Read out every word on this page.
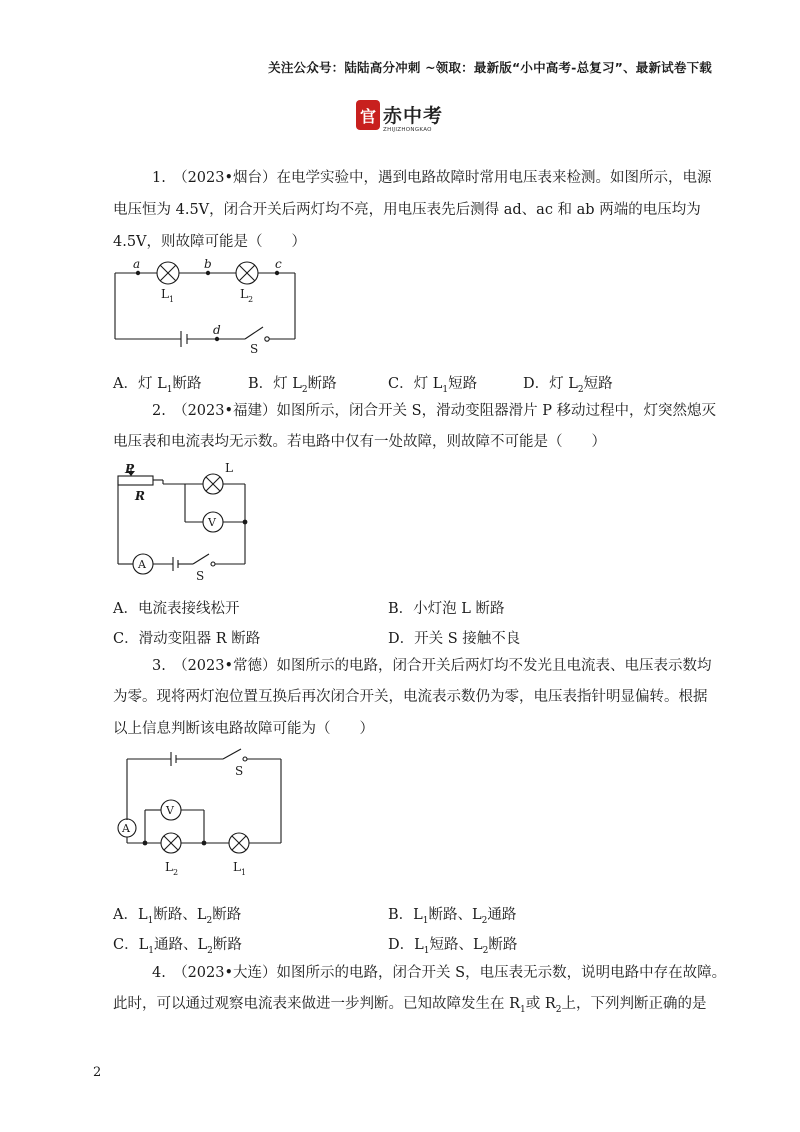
关注公众号：陆陆高分冲刺 ~领取：最新版“小中高考-总复习”、最新试卷下载
官 赤中考
ZHIJIZHONGKAO
1.　（2023•烟台）在电学实验中，遇到电路故障时常用电压表来检测。如图所示，电源
电压恒为 4.5V，闭合开关后两灯均不亮，用电压表先后测得 ad、ac 和 ab 两端的电压均为
4.5V，则故障可能是（　　）
a	b	c
d
S
L 1	L 2
A．灯 $L_1$断路	B．灯 $L_2$断路	C．灯 $L_1$短路	D．灯 $L_2$短路
2.　（2023•福建）如图所示，闭合开关 S，滑动变阻器滑片 P 移动过程中，灯突然熄灭
电压表和电流表均无示数。若电路中仅有一处故障，则故障不可能是（　　）
P
R
L
V
A
S
A．电流表接线松开	B．小灯泡 L 断路
C．滑动变阻器 R 断路	D．开关 S 接触不良
3.　（2023•常德）如图所示的电路，闭合开关后两灯均不发光且电流表、电压表示数均
为零。现将两灯泡位置互换后再次闭合开关，电流表示数仍为零，电压表指针明显偏转。根据
以上信息判断该电路故障可能为（　　）
S
A
V
L 2	L 1
A．$L_1$断路、$L_2$断路	B．$L_1$断路、$L_2$通路
C．$L_1$通路、$L_2$断路	D．$L_1$短路、$L_2$断路
4.　（2023•大连）如图所示的电路，闭合开关 S，电压表无示数，说明电路中存在故障。
此时，可以通过观察电流表来做进一步判断。已知故障发生在 $R_1$或 $R_2$上，下列判断正确的是
2
